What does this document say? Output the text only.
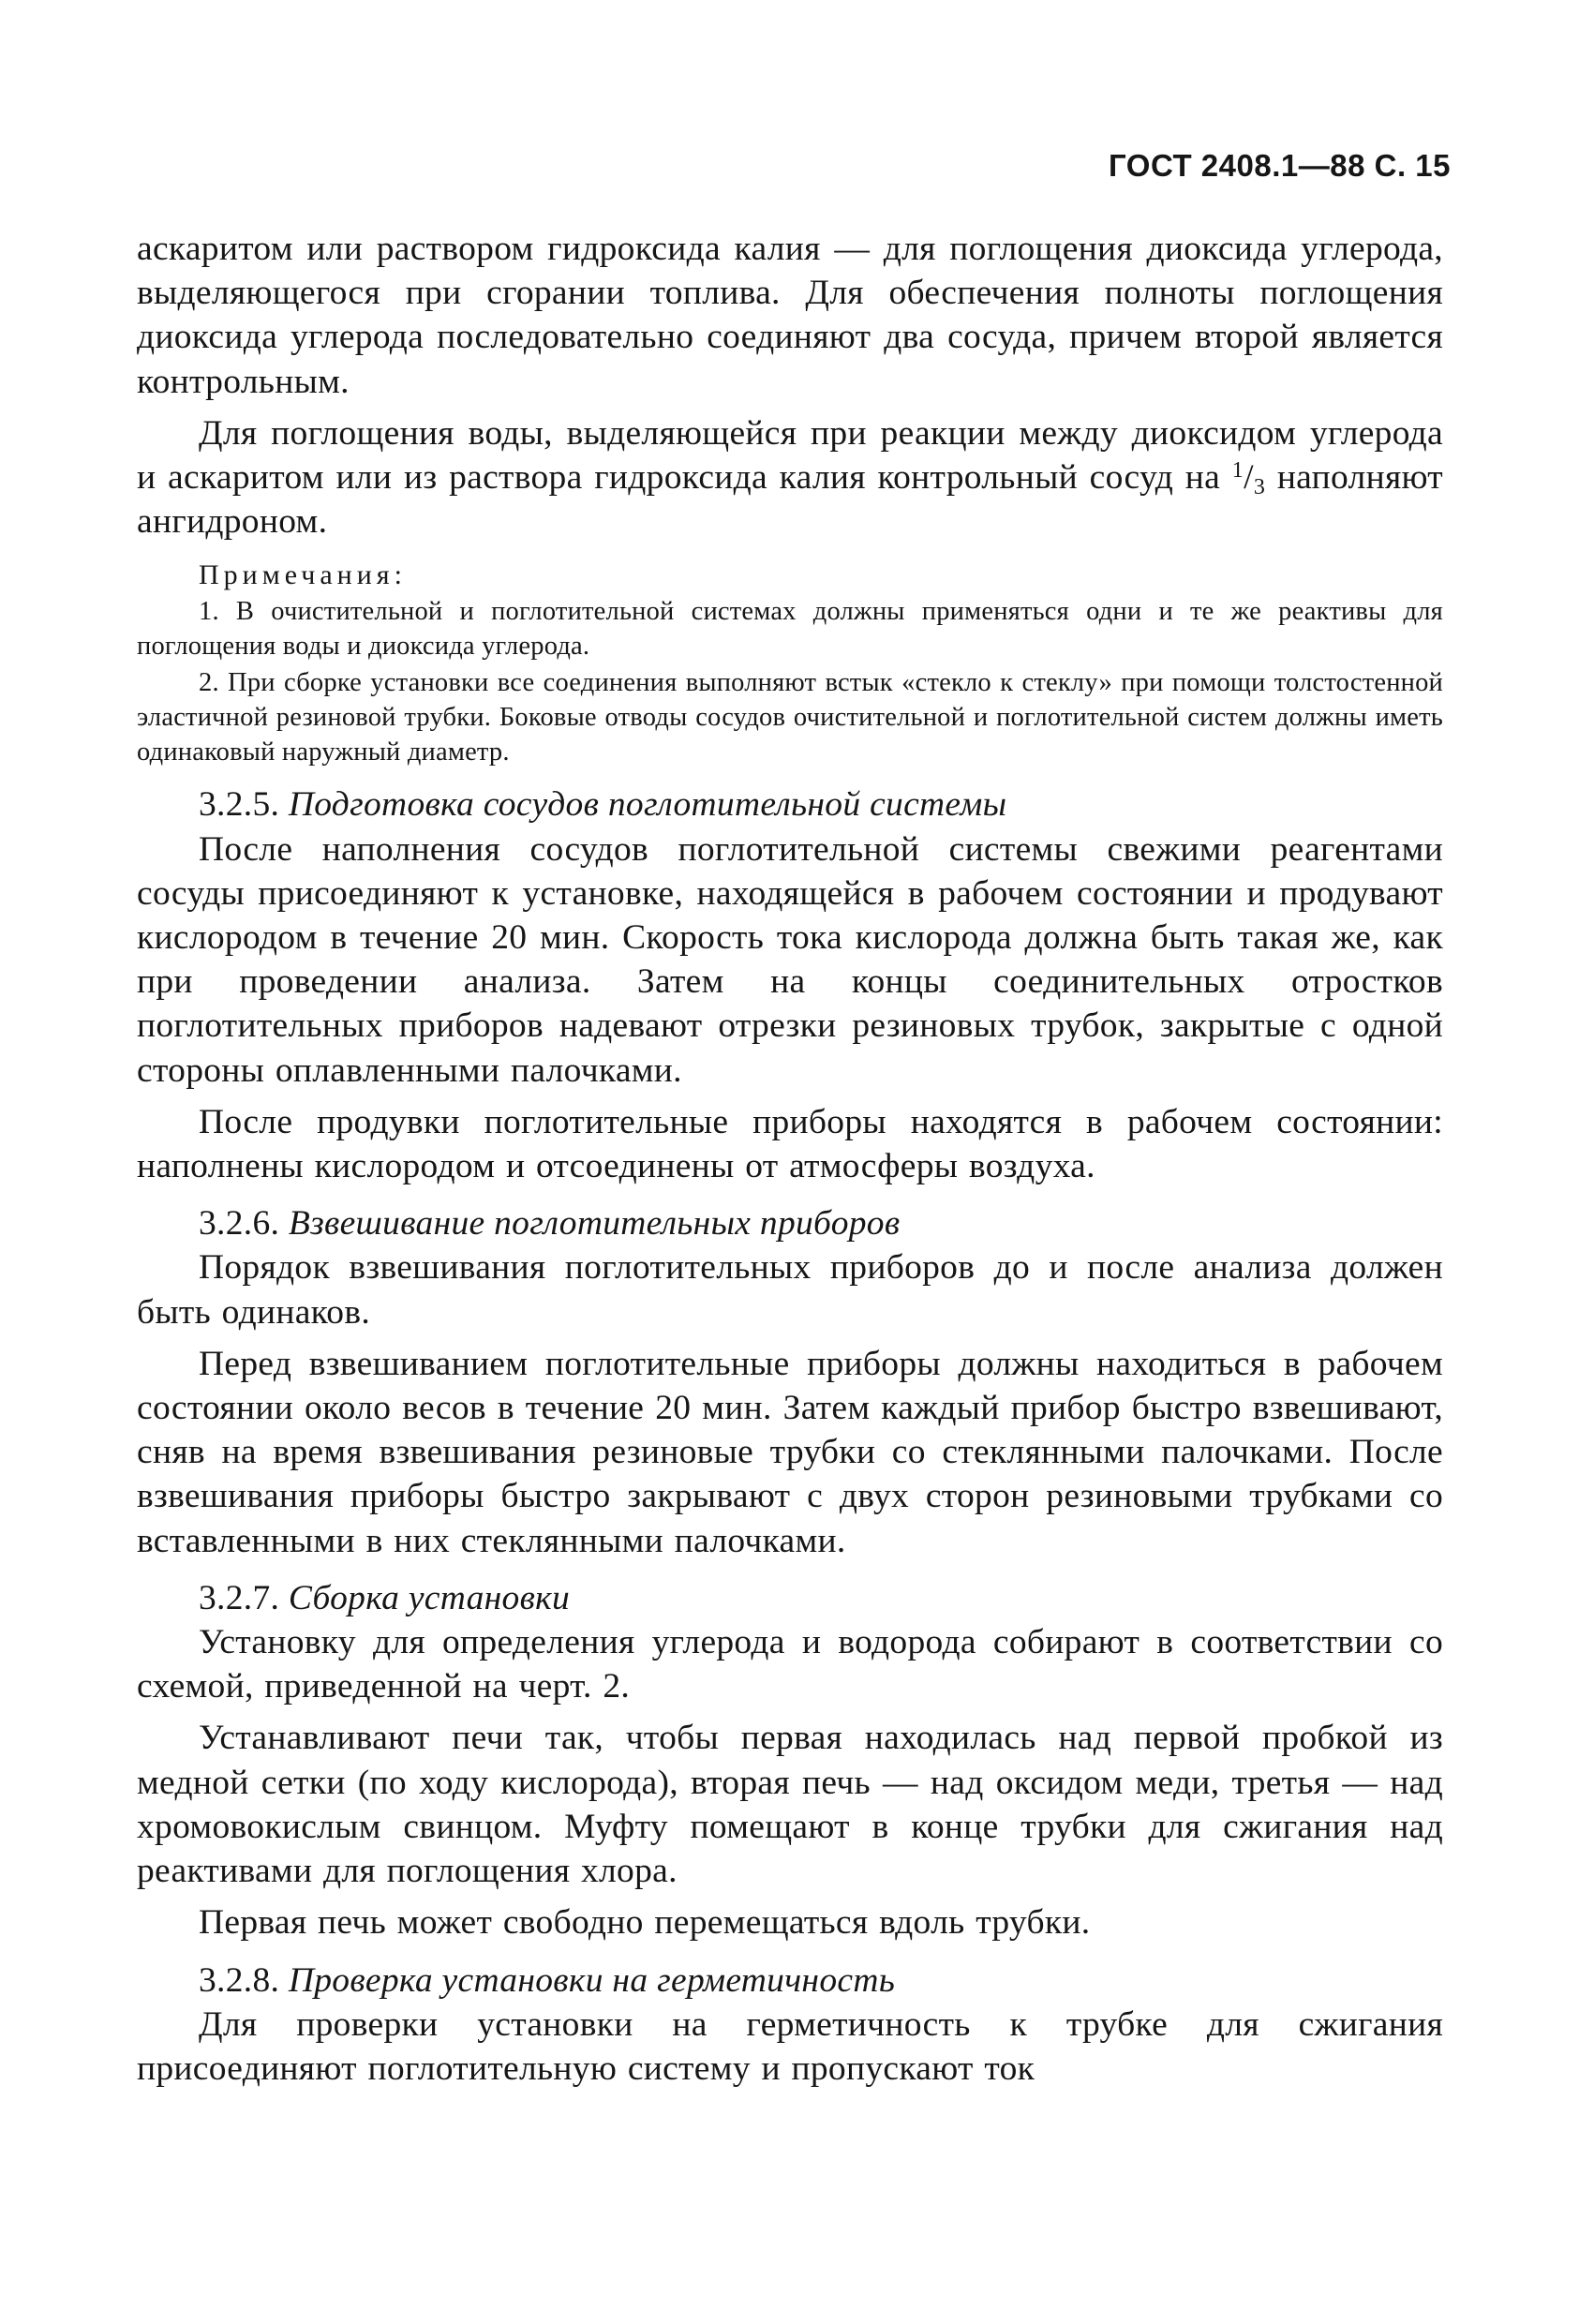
ГОСТ 2408.1—88 С. 15

аскаритом или раствором гидроксида калия — для поглощения диоксида углерода, выделяющегося при сгорании топлива. Для обеспечения полноты поглощения диоксида углерода последовательно соединяют два сосуда, причем второй является контрольным.

Для поглощения воды, выделяющейся при реакции между диоксидом углерода и аскаритом или из раствора гидроксида калия контрольный сосуд на $^1/_3$ наполняют ангидроном.

Примечания:

1. В очистительной и поглотительной системах должны применяться одни и те же реактивы для поглощения воды и диоксида углерода.

2. При сборке установки все соединения выполняют встык «стекло к стеклу» при помощи толстостенной эластичной резиновой трубки. Боковые отводы сосудов очистительной и поглотительной систем должны иметь одинаковый наружный диаметр.

3.2.5. Подготовка сосудов поглотительной системы

После наполнения сосудов поглотительной системы свежими реагентами сосуды присоединяют к установке, находящейся в рабочем состоянии и продувают кислородом в течение 20 мин. Скорость тока кислорода должна быть такая же, как при проведении анализа. Затем на концы соединительных отростков поглотительных приборов надевают отрезки резиновых трубок, закрытые с одной стороны оплавленными палочками.

После продувки поглотительные приборы находятся в рабочем состоянии: наполнены кислородом и отсоединены от атмосферы воздуха.

3.2.6. Взвешивание поглотительных приборов

Порядок взвешивания поглотительных приборов до и после анализа должен быть одинаков.

Перед взвешиванием поглотительные приборы должны находиться в рабочем состоянии около весов в течение 20 мин. Затем каждый прибор быстро взвешивают, сняв на время взвешивания резиновые трубки со стеклянными палочками. После взвешивания приборы быстро закрывают с двух сторон резиновыми трубками со вставленными в них стеклянными палочками.

3.2.7. Сборка установки

Установку для определения углерода и водорода собирают в соответствии со схемой, приведенной на черт. 2.

Устанавливают печи так, чтобы первая находилась над первой пробкой из медной сетки (по ходу кислорода), вторая печь — над оксидом меди, третья — над хромовокислым свинцом. Муфту помещают в конце трубки для сжигания над реактивами для поглощения хлора.

Первая печь может свободно перемещаться вдоль трубки.

3.2.8. Проверка установки на герметичность

Для проверки установки на герметичность к трубке для сжигания присоединяют поглотительную систему и пропускают ток
